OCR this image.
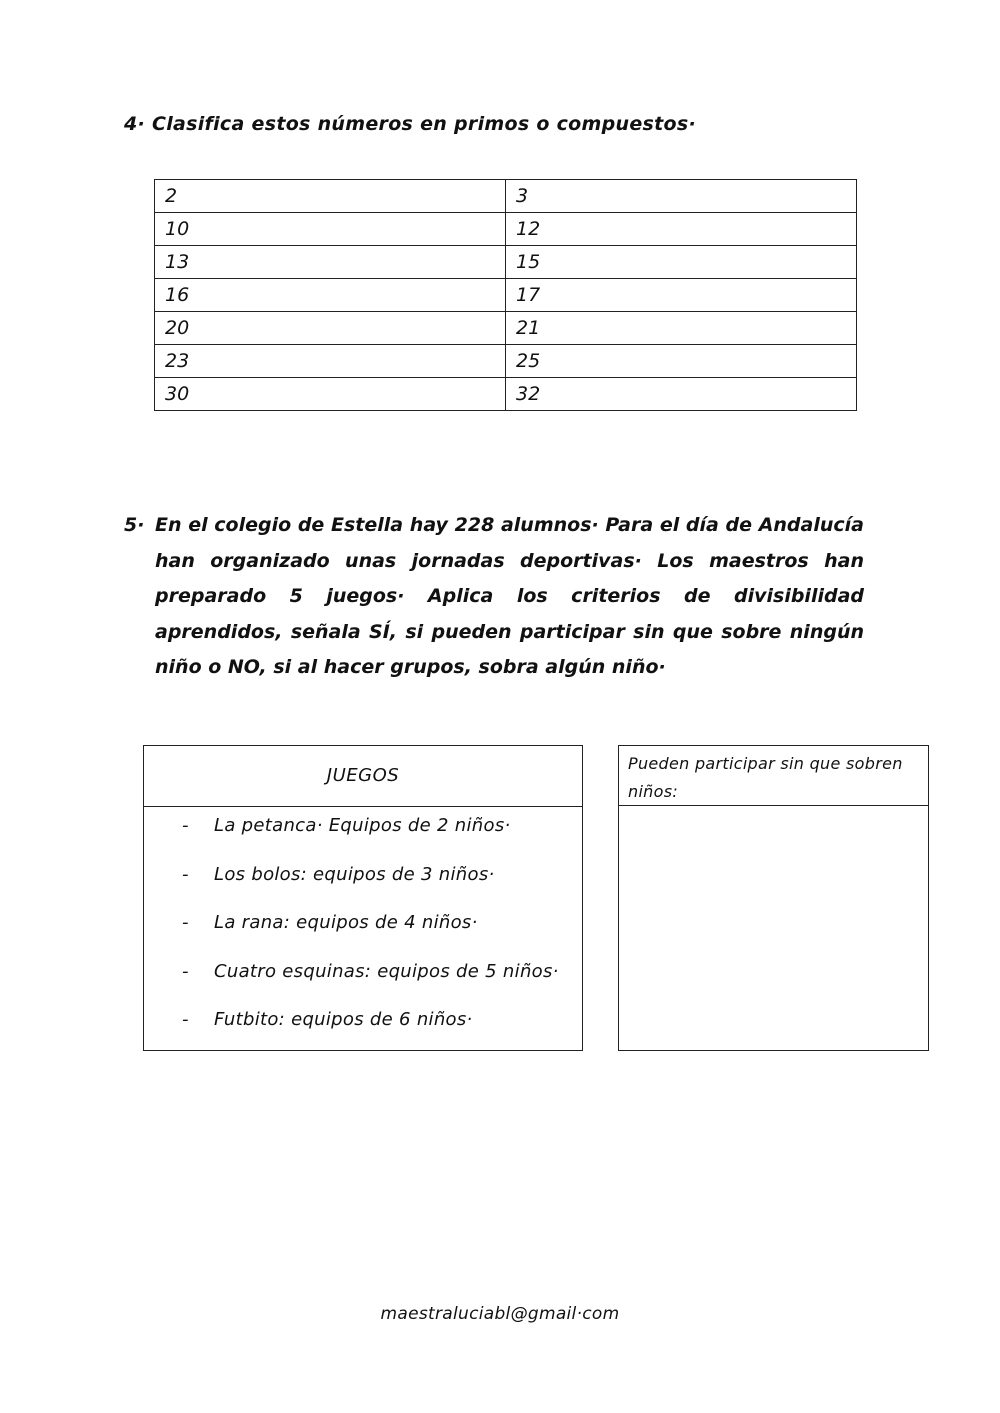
4· Clasifica estos números en primos o compuestos·
2	3
10	12
13	15
16	17
20	21
23	25
30	32
5· En el colegio de Estella hay 228 alumnos· Para el día de Andalucía han organizado unas jornadas deportivas· Los maestros han preparado 5 juegos· Aplica los criterios de divisibilidad aprendidos, señala SÍ, si pueden participar sin que sobre ningún niño o NO, si al hacer grupos, sobra algún niño·
JUEGOS
- La petanca· Equipos de 2 niños·
- Los bolos: equipos de 3 niños·
- La rana: equipos de 4 niños·
- Cuatro esquinas: equipos de 5 niños·
- Futbito: equipos de 6 niños·
Pueden participar sin que sobren niños:
maestraluciabl@gmail·com
